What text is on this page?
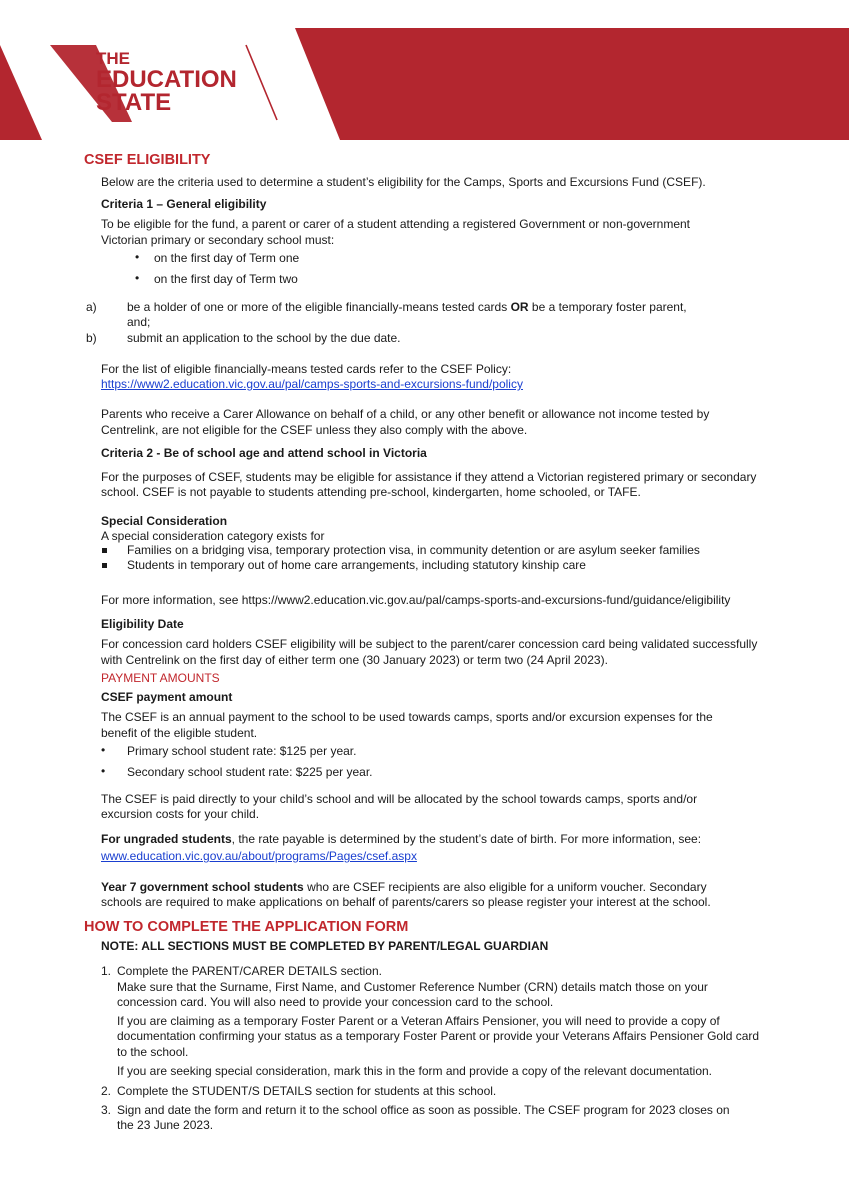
THE
EDUCATION
STATE
CSEF ELIGIBILITY
Below are the criteria used to determine a student’s eligibility for the Camps, Sports and Excursions Fund (CSEF).
Criteria 1 – General eligibility
To be eligible for the fund, a parent or carer of a student attending a registered Government or non-government
Victorian primary or secondary school must:
• on the first day of Term one
• on the first day of Term two
a)	be a holder of one or more of the eligible financially-means tested cards OR be a temporary foster parent,
and;
b)	submit an application to the school by the due date.
For the list of eligible financially-means tested cards refer to the CSEF Policy:
https://www2.education.vic.gov.au/pal/camps-sports-and-excursions-fund/policy
Parents who receive a Carer Allowance on behalf of a child, or any other benefit or allowance not income tested by
Centrelink, are not eligible for the CSEF unless they also comply with the above.
Criteria 2 - Be of school age and attend school in Victoria
For the purposes of CSEF, students may be eligible for assistance if they attend a Victorian registered primary or secondary
school. CSEF is not payable to students attending pre-school, kindergarten, home schooled, or TAFE.
Special Consideration
A special consideration category exists for
Families on a bridging visa, temporary protection visa, in community detention or are asylum seeker families
Students in temporary out of home care arrangements, including statutory kinship care
For more information, see https://www2.education.vic.gov.au/pal/camps-sports-and-excursions-fund/guidance/eligibility
Eligibility Date
For concession card holders CSEF eligibility will be subject to the parent/carer concession card being validated successfully
with Centrelink on the first day of either term one (30 January 2023) or term two (24 April 2023).
PAYMENT AMOUNTS
CSEF payment amount
The CSEF is an annual payment to the school to be used towards camps, sports and/or excursion expenses for the
benefit of the eligible student.
• Primary school student rate: $125 per year.
• Secondary school student rate: $225 per year.
The CSEF is paid directly to your child’s school and will be allocated by the school towards camps, sports and/or
excursion costs for your child.
For ungraded students, the rate payable is determined by the student’s date of birth. For more information, see:
www.education.vic.gov.au/about/programs/Pages/csef.aspx
Year 7 government school students who are CSEF recipients are also eligible for a uniform voucher. Secondary
schools are required to make applications on behalf of parents/carers so please register your interest at the school.
HOW TO COMPLETE THE APPLICATION FORM
NOTE: ALL SECTIONS MUST BE COMPLETED BY PARENT/LEGAL GUARDIAN
1. Complete the PARENT/CARER DETAILS section.
Make sure that the Surname, First Name, and Customer Reference Number (CRN) details match those on your
concession card. You will also need to provide your concession card to the school.
If you are claiming as a temporary Foster Parent or a Veteran Affairs Pensioner, you will need to provide a copy of
documentation confirming your status as a temporary Foster Parent or provide your Veterans Affairs Pensioner Gold card
to the school.
If you are seeking special consideration, mark this in the form and provide a copy of the relevant documentation.
2. Complete the STUDENT/S DETAILS section for students at this school.
3. Sign and date the form and return it to the school office as soon as possible. The CSEF program for 2023 closes on
the 23 June 2023.
